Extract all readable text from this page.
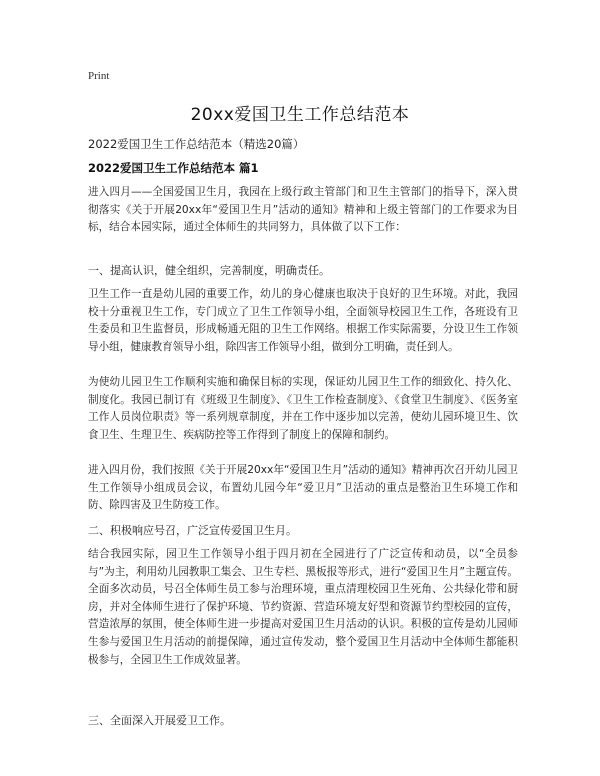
Print
20xx爱国卫生工作总结范本
2022爱国卫生工作总结范本（精选20篇）
2022爱国卫生工作总结范本 篇1
进入四月——全国爱国卫生月，我园在上级行政主管部门和卫生主管部门的指导下，深入贯彻落实《关于开展20xx年“爱国卫生月”活动的通知》精神和上级主管部门的工作要求为目标，结合本园实际，通过全体师生的共同努力，具体做了以下工作：
一、提高认识，健全组织，完善制度，明确责任。
卫生工作一直是幼儿园的重要工作，幼儿的身心健康也取决于良好的卫生环境。对此，我园校十分重视卫生工作，专门成立了卫生工作领导小组，全面领导校园卫生工作，各班设有卫生委员和卫生监督员，形成畅通无阻的卫生工作网络。根据工作实际需要，分设卫生工作领导小组，健康教育领导小组，除四害工作领导小组，做到分工明确，责任到人。
为使幼儿园卫生工作顺利实施和确保目标的实现，保证幼儿园卫生工作的细致化、持久化、制度化。我园已制订有《班级卫生制度》、《卫生工作检查制度》、《食堂卫生制度》、《医务室工作人员岗位职责》等一系列规章制度，并在工作中逐步加以完善，使幼儿园环境卫生、饮食卫生、生理卫生、疾病防控等工作得到了制度上的保障和制约。
进入四月份，我们按照《关于开展20xx年“爱国卫生月”活动的通知》精神再次召开幼儿园卫生工作领导小组成员会议，布置幼儿园今年“爱卫月”卫活动的重点是整治卫生环境工作和防、除四害及卫生防疫工作。
二、积极响应号召，广泛宣传爱国卫生月。
结合我园实际，园卫生工作领导小组于四月初在全园进行了广泛宣传和动员，以“全员参与”为主，利用幼儿园教职工集会、卫生专栏、黑板报等形式，进行“爱国卫生月”主题宣传。全面多次动员，号召全体师生员工参与治理环境，重点清理校园卫生死角、公共绿化带和厨房，并对全体师生进行了保护环境、节约资源、营造环境友好型和资源节约型校园的宣传，营造浓厚的氛围，使全体师生进一步提高对爱国卫生月活动的认识。积极的宣传是幼儿园师生参与爱国卫生月活动的前提保障，通过宣传发动，整个爱国卫生月活动中全体师生都能积极参与，全园卫生工作成效显著。
三、全面深入开展爱卫工作。
